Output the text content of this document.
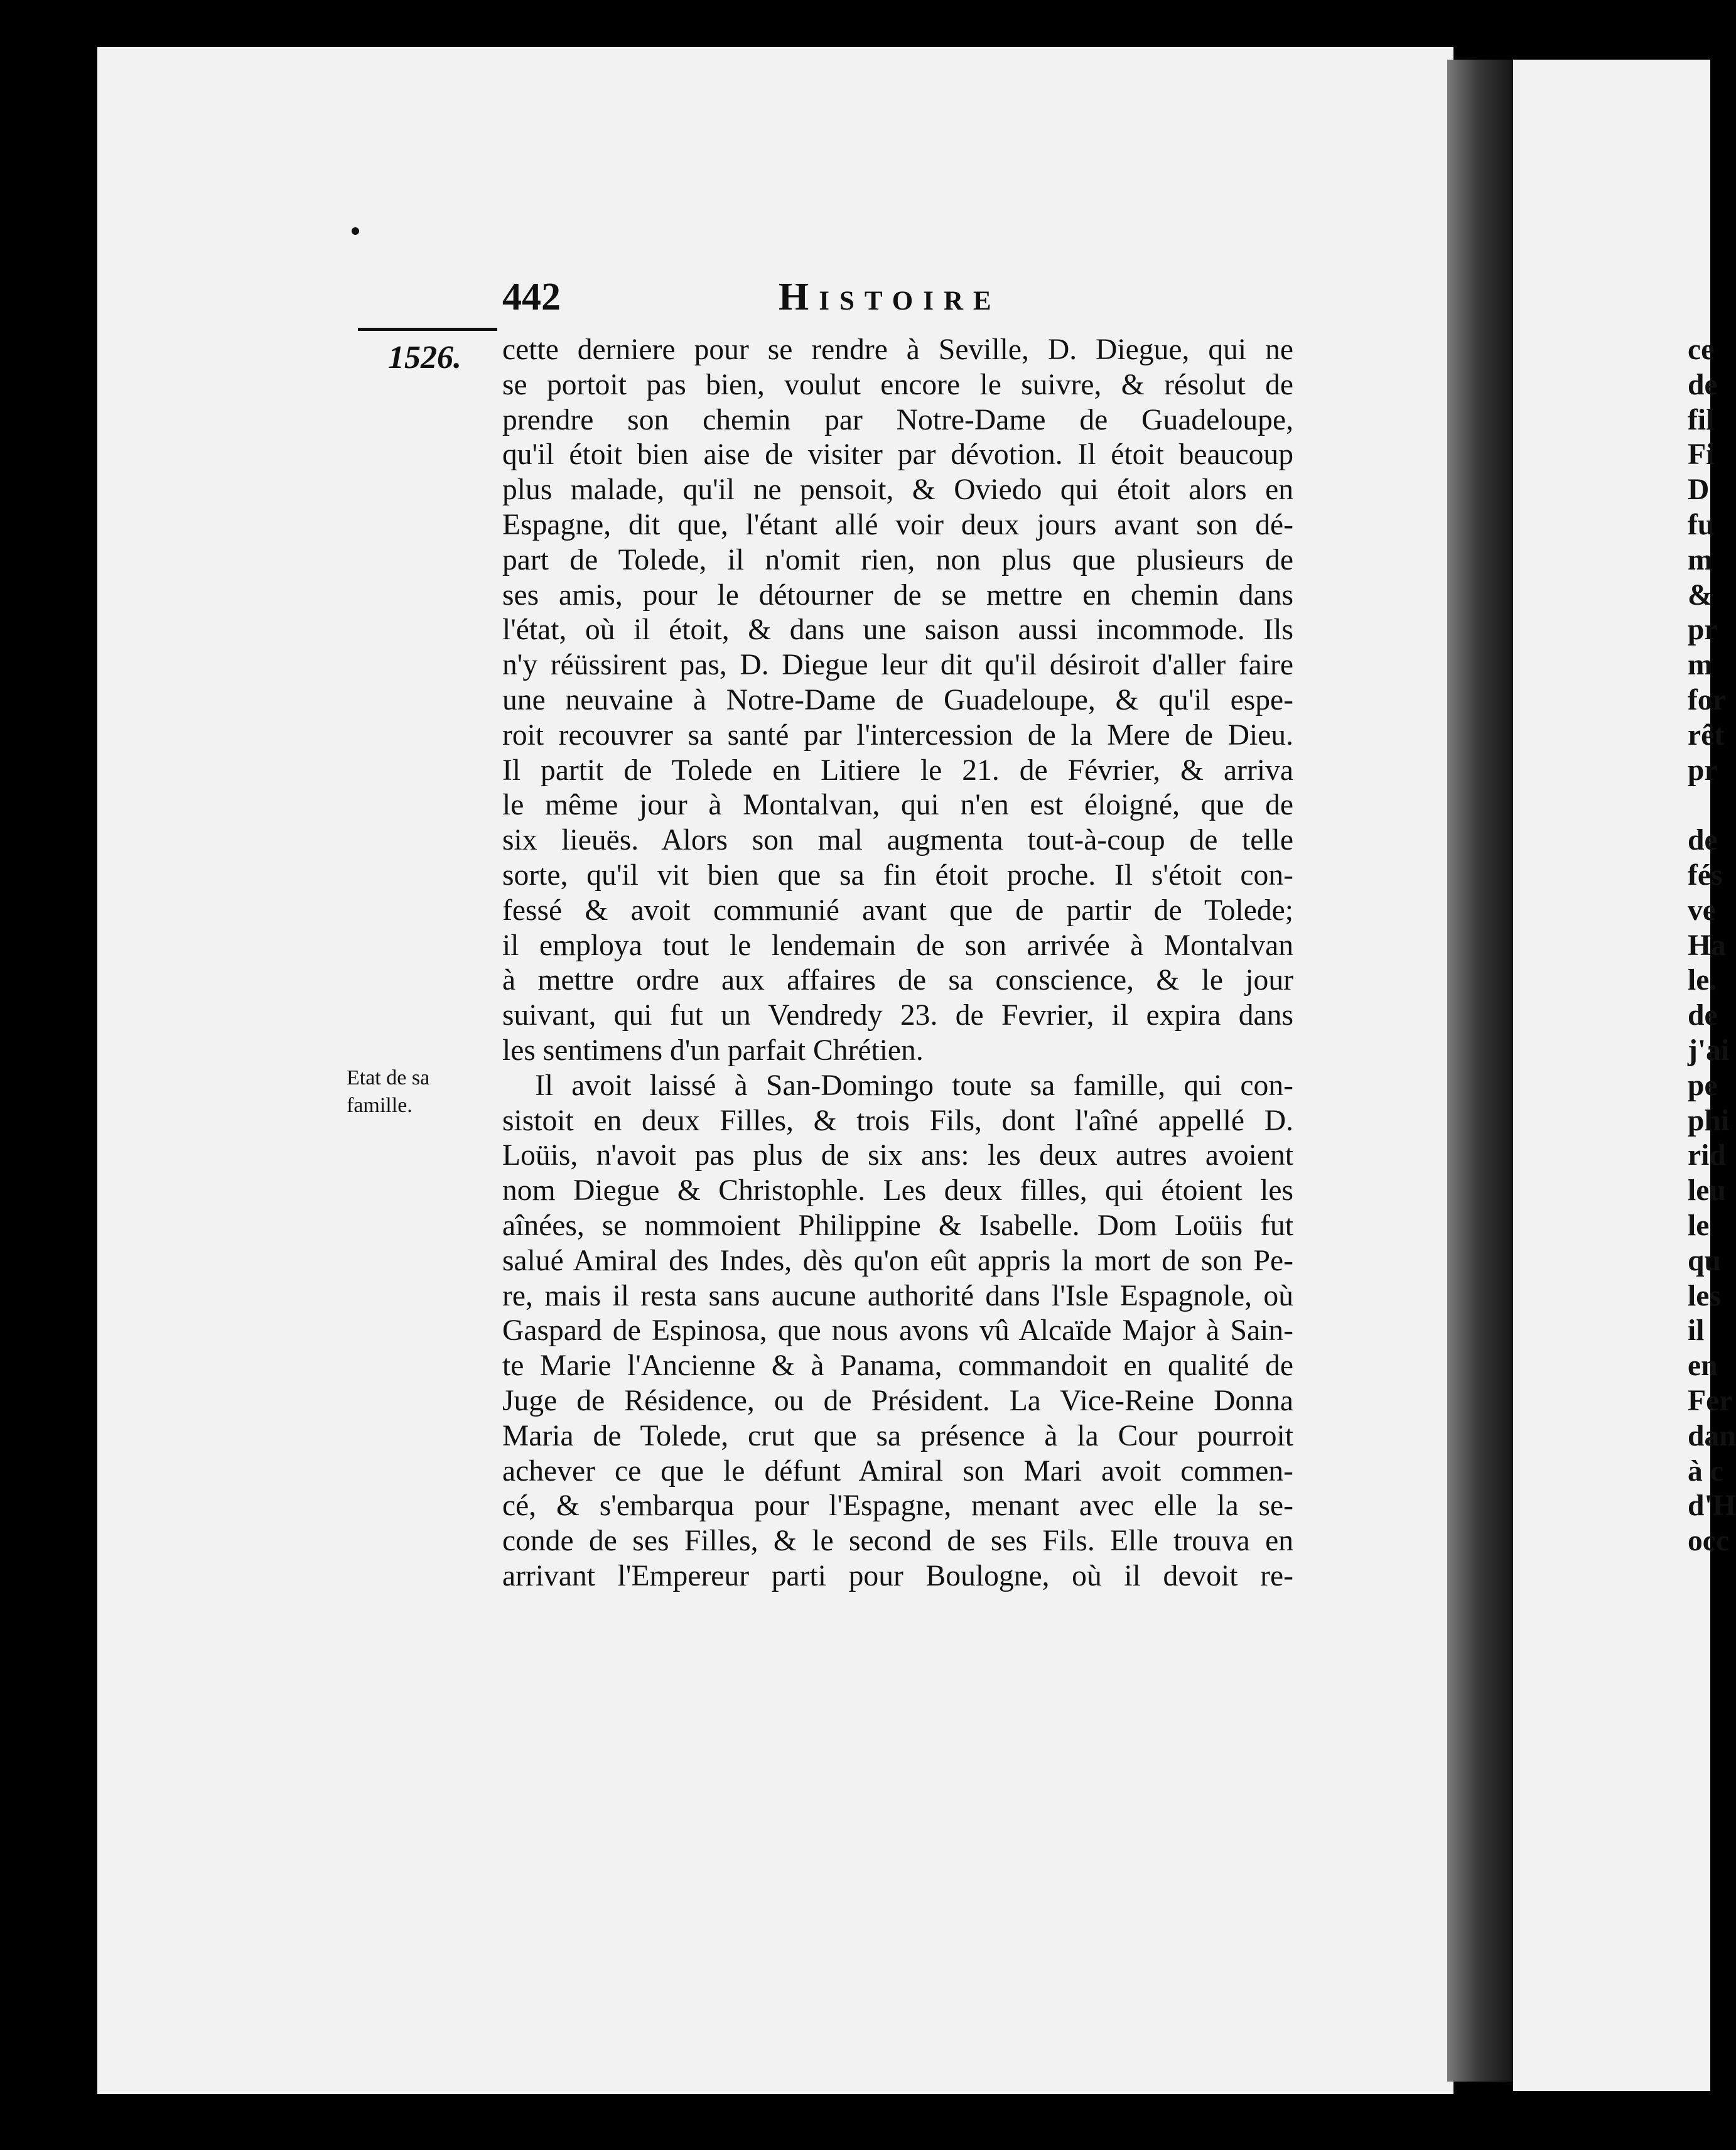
442	Histoire
1526.
Etat de sa
famille.
cette derniere pour se rendre à Seville, D. Diegue, qui ne
se portoit pas bien, voulut encore le suivre, & résolut de
prendre son chemin par Notre-Dame de Guadeloupe,
qu'il étoit bien aise de visiter par dévotion. Il étoit beaucoup
plus malade, qu'il ne pensoit, & Oviedo qui étoit alors en
Espagne, dit que, l'étant allé voir deux jours avant son dé-
part de Tolede, il n'omit rien, non plus que plusieurs de
ses amis, pour le détourner de se mettre en chemin dans
l'état, où il étoit, & dans une saison aussi incommode. Ils
n'y réüssirent pas, D. Diegue leur dit qu'il désiroit d'aller faire
une neuvaine à Notre-Dame de Guadeloupe, & qu'il espe-
roit recouvrer sa santé par l'intercession de la Mere de Dieu.
Il partit de Tolede en Litiere le 21. de Février, & arriva
le même jour à Montalvan, qui n'en est éloigné, que de
six lieuës. Alors son mal augmenta tout-à-coup de telle
sorte, qu'il vit bien que sa fin étoit proche. Il s'étoit con-
fessé & avoit communié avant que de partir de Tolede;
il employa tout le lendemain de son arrivée à Montalvan
à mettre ordre aux affaires de sa conscience, & le jour
suivant, qui fut un Vendredy 23. de Fevrier, il expira dans
les sentimens d'un parfait Chrétien.
Il avoit laissé à San-Domingo toute sa famille, qui con-
sistoit en deux Filles, & trois Fils, dont l'aîné appellé D.
Loüis, n'avoit pas plus de six ans: les deux autres avoient
nom Diegue & Christophle. Les deux filles, qui étoient les
aînées, se nommoient Philippine & Isabelle. Dom Loüis fut
salué Amiral des Indes, dès qu'on eût appris la mort de son Pe-
re, mais il resta sans aucune authorité dans l'Isle Espagnole, où
Gaspard de Espinosa, que nous avons vû Alcaïde Major à Sain-
te Marie l'Ancienne & à Panama, commandoit en qualité de
Juge de Résidence, ou de Président. La Vice-Reine Donna
Maria de Tolede, crut que sa présence à la Cour pourroit
achever ce que le défunt Amiral son Mari avoit commen-
cé, & s'embarqua pour l'Espagne, menant avec elle la se-
conde de ses Filles, & le second de ses Fils. Elle trouva en
arrivant l'Empereur parti pour Boulogne, où il devoit re-
ce
de
fil
Fi
D
fu
m
&
pr
m
for
rêt
pr
de
fés
ve
Ha
le.
de
j'ai
pe
phi
rid
leu
le
qu
les
il
en
Fer
dan
à c
d'H
occ
